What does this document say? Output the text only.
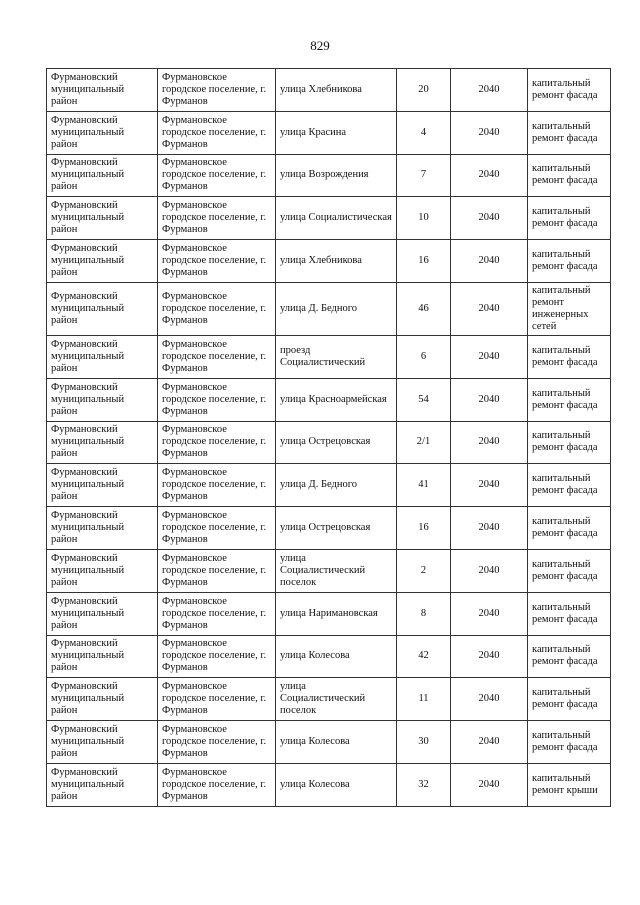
829
Фурмановский муниципальный район	Фурмановское городское поселение, г. Фурманов	улица Хлебникова	20	2040	капитальный ремонт фасада
Фурмановский муниципальный район	Фурмановское городское поселение, г. Фурманов	улица Красина	4	2040	капитальный ремонт фасада
Фурмановский муниципальный район	Фурмановское городское поселение, г. Фурманов	улица Возрождения	7	2040	капитальный ремонт фасада
Фурмановский муниципальный район	Фурмановское городское поселение, г. Фурманов	улица Социалистическая	10	2040	капитальный ремонт фасада
Фурмановский муниципальный район	Фурмановское городское поселение, г. Фурманов	улица Хлебникова	16	2040	капитальный ремонт фасада
Фурмановский муниципальный район	Фурмановское городское поселение, г. Фурманов	улица Д. Бедного	46	2040	капитальный ремонт инженерных сетей
Фурмановский муниципальный район	Фурмановское городское поселение, г. Фурманов	проезд Социалистический	6	2040	капитальный ремонт фасада
Фурмановский муниципальный район	Фурмановское городское поселение, г. Фурманов	улица Красноармейская	54	2040	капитальный ремонт фасада
Фурмановский муниципальный район	Фурмановское городское поселение, г. Фурманов	улица Острецовская	2/1	2040	капитальный ремонт фасада
Фурмановский муниципальный район	Фурмановское городское поселение, г. Фурманов	улица Д. Бедного	41	2040	капитальный ремонт фасада
Фурмановский муниципальный район	Фурмановское городское поселение, г. Фурманов	улица Острецовская	16	2040	капитальный ремонт фасада
Фурмановский муниципальный район	Фурмановское городское поселение, г. Фурманов	улица Социалистический поселок	2	2040	капитальный ремонт фасада
Фурмановский муниципальный район	Фурмановское городское поселение, г. Фурманов	улица Наримановская	8	2040	капитальный ремонт фасада
Фурмановский муниципальный район	Фурмановское городское поселение, г. Фурманов	улица Колесова	42	2040	капитальный ремонт фасада
Фурмановский муниципальный район	Фурмановское городское поселение, г. Фурманов	улица Социалистический поселок	11	2040	капитальный ремонт фасада
Фурмановский муниципальный район	Фурмановское городское поселение, г. Фурманов	улица Колесова	30	2040	капитальный ремонт фасада
Фурмановский муниципальный район	Фурмановское городское поселение, г. Фурманов	улица Колесова	32	2040	капитальный ремонт крыши
